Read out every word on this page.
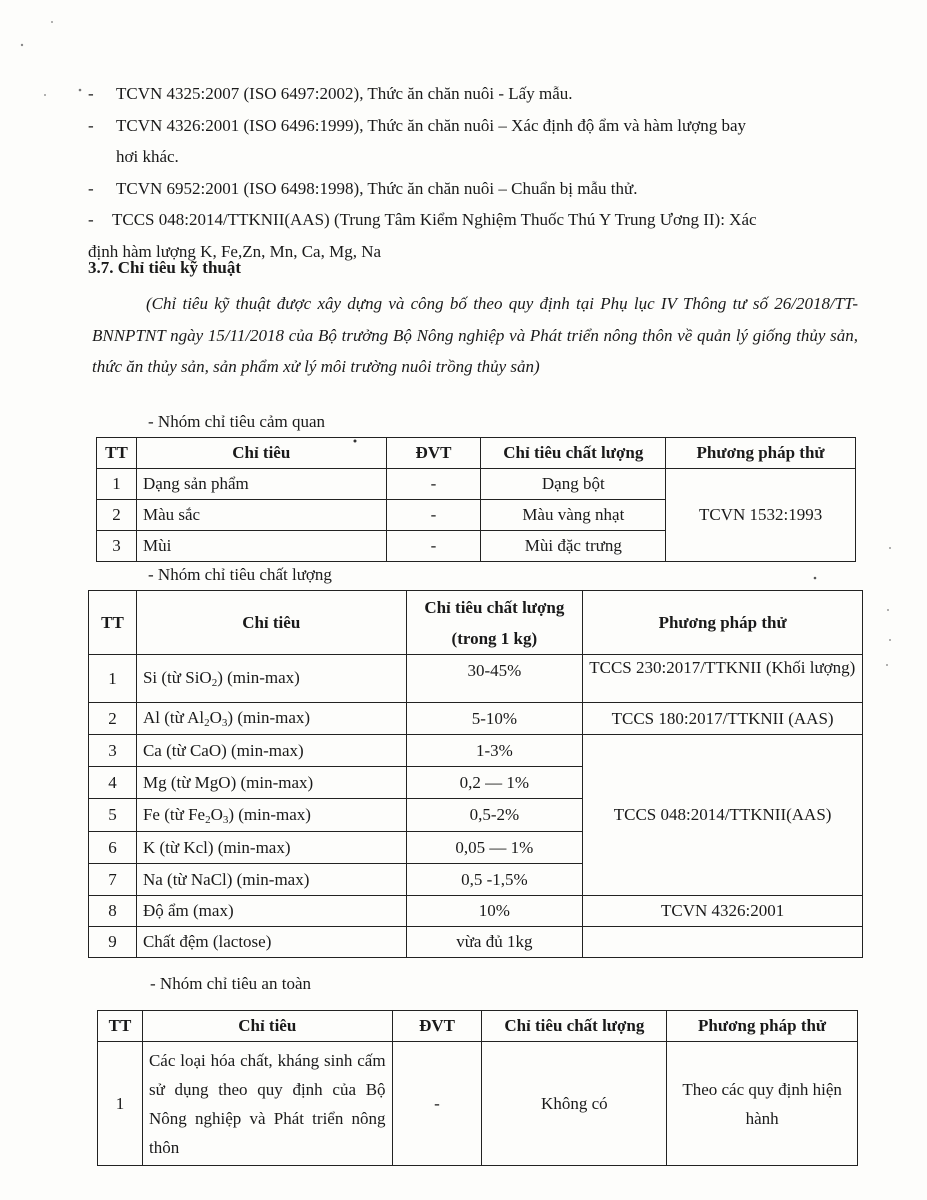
-	TCVN 4325:2007 (ISO 6497:2002), Thức ăn chăn nuôi - Lấy mẫu.
-	TCVN 4326:2001 (ISO 6496:1999), Thức ăn chăn nuôi – Xác định độ ẩm và hàm lượng bay
hơi khác.
-	TCVN 6952:2001 (ISO 6498:1998), Thức ăn chăn nuôi – Chuẩn bị mẫu thử.
-	TCCS 048:2014/TTKNII(AAS) (Trung Tâm Kiểm Nghiệm Thuốc Thú Y Trung Ương II): Xác
định hàm lượng K, Fe,Zn, Mn, Ca, Mg, Na
3.7. Chỉ tiêu kỹ thuật
(Chỉ tiêu kỹ thuật được xây dựng và công bố theo quy định tại Phụ lục IV Thông tư số 26/2018/TT-BNNPTNT ngày 15/11/2018 của Bộ trưởng Bộ Nông nghiệp và Phát triển nông thôn về quản lý giống thủy sản, thức ăn thủy sản, sản phẩm xử lý môi trường nuôi trồng thủy sản)
- Nhóm chỉ tiêu cảm quan
TT	Chỉ tiêu	ĐVT	Chỉ tiêu chất lượng	Phương pháp thử
1	Dạng sản phẩm	-	Dạng bột	TCVN 1532:1993
2	Màu sắc	-	Màu vàng nhạt	
3	Mùi	-	Mùi đặc trưng	
- Nhóm chỉ tiêu chất lượng
TT	Chỉ tiêu	Chỉ tiêu chất lượng (trong 1 kg)	Phương pháp thử
1	Si (từ SiO$_2$) (min-max)	30-45%	TCCS 230:2017/TTKNII (Khối lượng)
2	Al (từ $Al_2O_3$) (min-max)	5-10%	TCCS 180:2017/TTKNII (AAS)
3	Ca (từ CaO) (min-max)	1-3%	TCCS 048:2014/TTKNII(AAS)
4	Mg (từ MgO) (min-max)	0,2 — 1%	
5	Fe (từ $Fe_2O_3$) (min-max)	0,5-2%	
6	K (từ Kcl) (min-max)	0,05 — 1%	
7	Na (từ NaCl) (min-max)	0,5 -1,5%	
8	Độ ẩm (max)	10%	TCVN 4326:2001
9	Chất đệm (lactose)	vừa đủ 1kg	
- Nhóm chỉ tiêu an toàn
TT	Chỉ tiêu	ĐVT	Chỉ tiêu chất lượng	Phương pháp thử
1	Các loại hóa chất, kháng sinh cấm sử dụng theo quy định của Bộ Nông nghiệp và Phát triển nông thôn	-	Không có	Theo các quy định hiện hành
